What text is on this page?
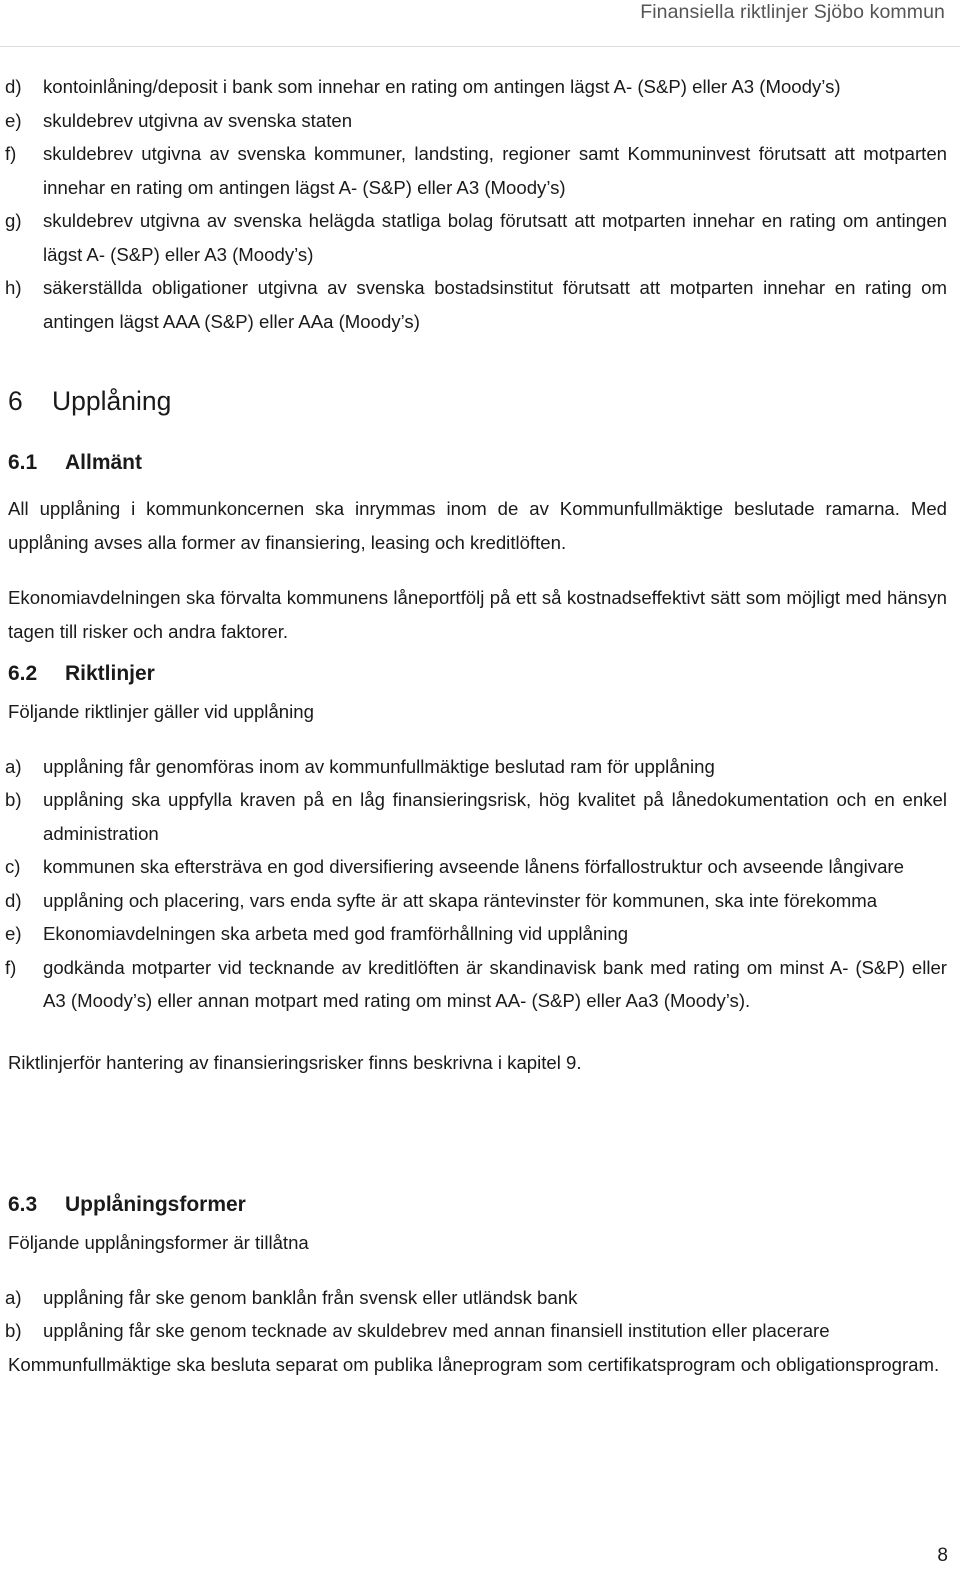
Finansiella riktlinjer Sjöbo kommun
d)	kontoinlåning/deposit i bank som innehar en rating om antingen lägst A- (S&P) eller A3 (Moody’s)
e)	skuldebrev utgivna av svenska staten
f)	skuldebrev utgivna av svenska kommuner, landsting, regioner samt Kommuninvest förutsatt att motparten innehar en rating om antingen lägst A- (S&P) eller A3 (Moody’s)
g)	skuldebrev utgivna av svenska helägda statliga bolag förutsatt att motparten innehar en rating om antingen lägst A- (S&P) eller A3 (Moody’s)
h)	säkerställda obligationer utgivna av svenska bostadsinstitut förutsatt att motparten innehar en rating om antingen lägst AAA (S&P) eller AAa (Moody’s)
6 Upplåning
6.1 Allmänt

All upplåning i kommunkoncernen ska inrymmas inom de av Kommunfullmäktige beslutade ramarna. Med upplåning avses alla former av finansiering, leasing och kreditlöften.

Ekonomiavdelningen ska förvalta kommunens låneportfölj på ett så kostnadseffektivt sätt som möjligt med hänsyn tagen till risker och andra faktorer.

6.2 Riktlinjer

Följande riktlinjer gäller vid upplåning

a)	upplåning får genomföras inom av kommunfullmäktige beslutad ram för upplåning
b)	upplåning ska uppfylla kraven på en låg finansieringsrisk, hög kvalitet på lånedokumentation och en enkel administration
c)	kommunen ska eftersträva en god diversifiering avseende lånens förfallostruktur och avseende långivare
d)	upplåning och placering, vars enda syfte är att skapa räntevinster för kommunen, ska inte förekomma
e)	Ekonomiavdelningen ska arbeta med god framförhållning vid upplåning
f)	godkända motparter vid tecknande av kreditlöften är skandinavisk bank med rating om minst A- (S&P) eller A3 (Moody’s) eller annan motpart med rating om minst AA- (S&P) eller Aa3 (Moody’s).

Riktlinjerför hantering av finansieringsrisker finns beskrivna i kapitel 9.

6.3 Upplåningsformer

Följande upplåningsformer är tillåtna

a)	upplåning får ske genom banklån från svensk eller utländsk bank
b)	upplåning får ske genom tecknade av skuldebrev med annan finansiell institution eller placerare

Kommunfullmäktige ska besluta separat om publika låneprogram som certifikatsprogram och obligationsprogram.

8
